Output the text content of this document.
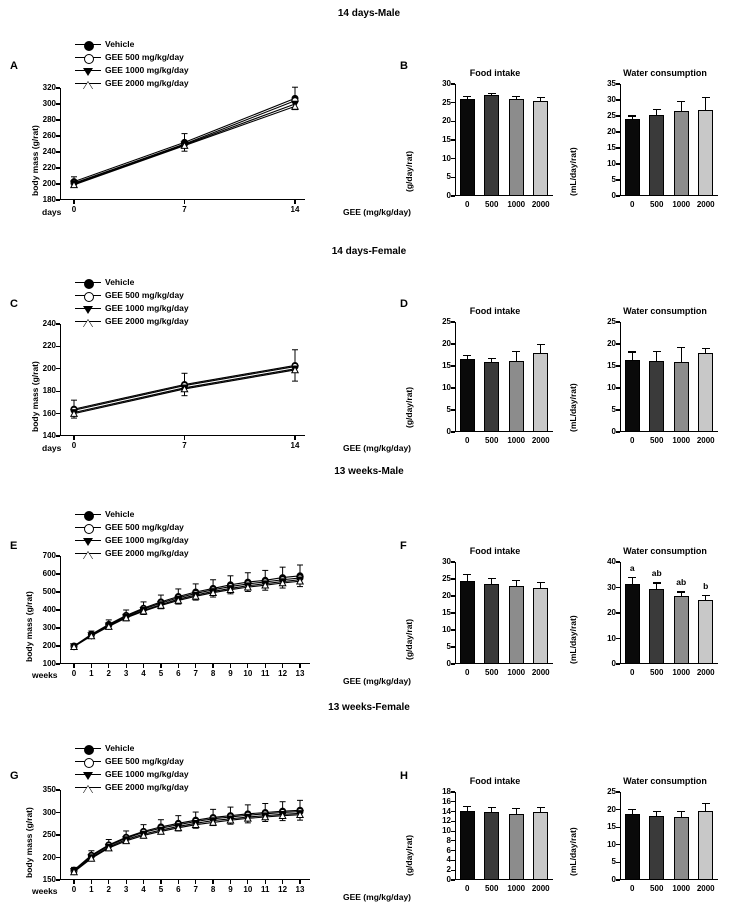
14 days-Male
14 days-Female
13 weeks-Male
13 weeks-Female
A	B
C	D
E	F
G	H
Vehicle
GEE 500 mg/kg/day
GEE 1000 mg/kg/day
GEE 2000 mg/kg/day
Vehicle
GEE 500 mg/kg/day
GEE 1000 mg/kg/day
GEE 2000 mg/kg/day
Vehicle
GEE 500 mg/kg/day
GEE 1000 mg/kg/day
GEE 2000 mg/kg/day
Vehicle
GEE 500 mg/kg/day
GEE 1000 mg/kg/day
GEE 2000 mg/kg/day
body mass (g/rat)
days
body mass (g/rat)
days
body mass (g/rat)
weeks
body mass (g/rat)
weeks
Food intake
(g/day/rat)
GEE (mg/kg/day)
Water consumption
(mL/day/rat)
Food intake
(g/day/rat)
GEE (mg/kg/day)
Water consumption
(mL/day/rat)
Food intake
(g/day/rat)
GEE (mg/kg/day)
Water consumption
(mL/day/rat)
Food intake
(g/day/rat)
GEE (mg/kg/day)
Water consumption
(mL/day/rat)
180
200
220
240
260
280
300
320
0	7	14
140
160
180
200
220
240
0	7	14
100
200
300
400
500
600
700
0	1	2	3	4	5	6	7	8	9	10	11	12	13
150
200
250
300
350
0	1	2	3	4	5	6	7	8	9	10	11	12	13
0
5
10
15
20
25
30
0	500	1000 2000
0
5
10
15
20
25
30
35
0	500	1000 2000
0
5
10
15
20
25
0	500	1000 2000
0
5
10
15
20
25
0	500	1000 2000
0
5
10
15
20
25
30
0	500	1000 2000
0
10
20
30
40
0
a
500
ab
1000
ab
2000
b
0
2
4
6
8
10
12
14
16
18
0	500	1000 2000
0
5
10
15
20
25
0	500	1000 2000
